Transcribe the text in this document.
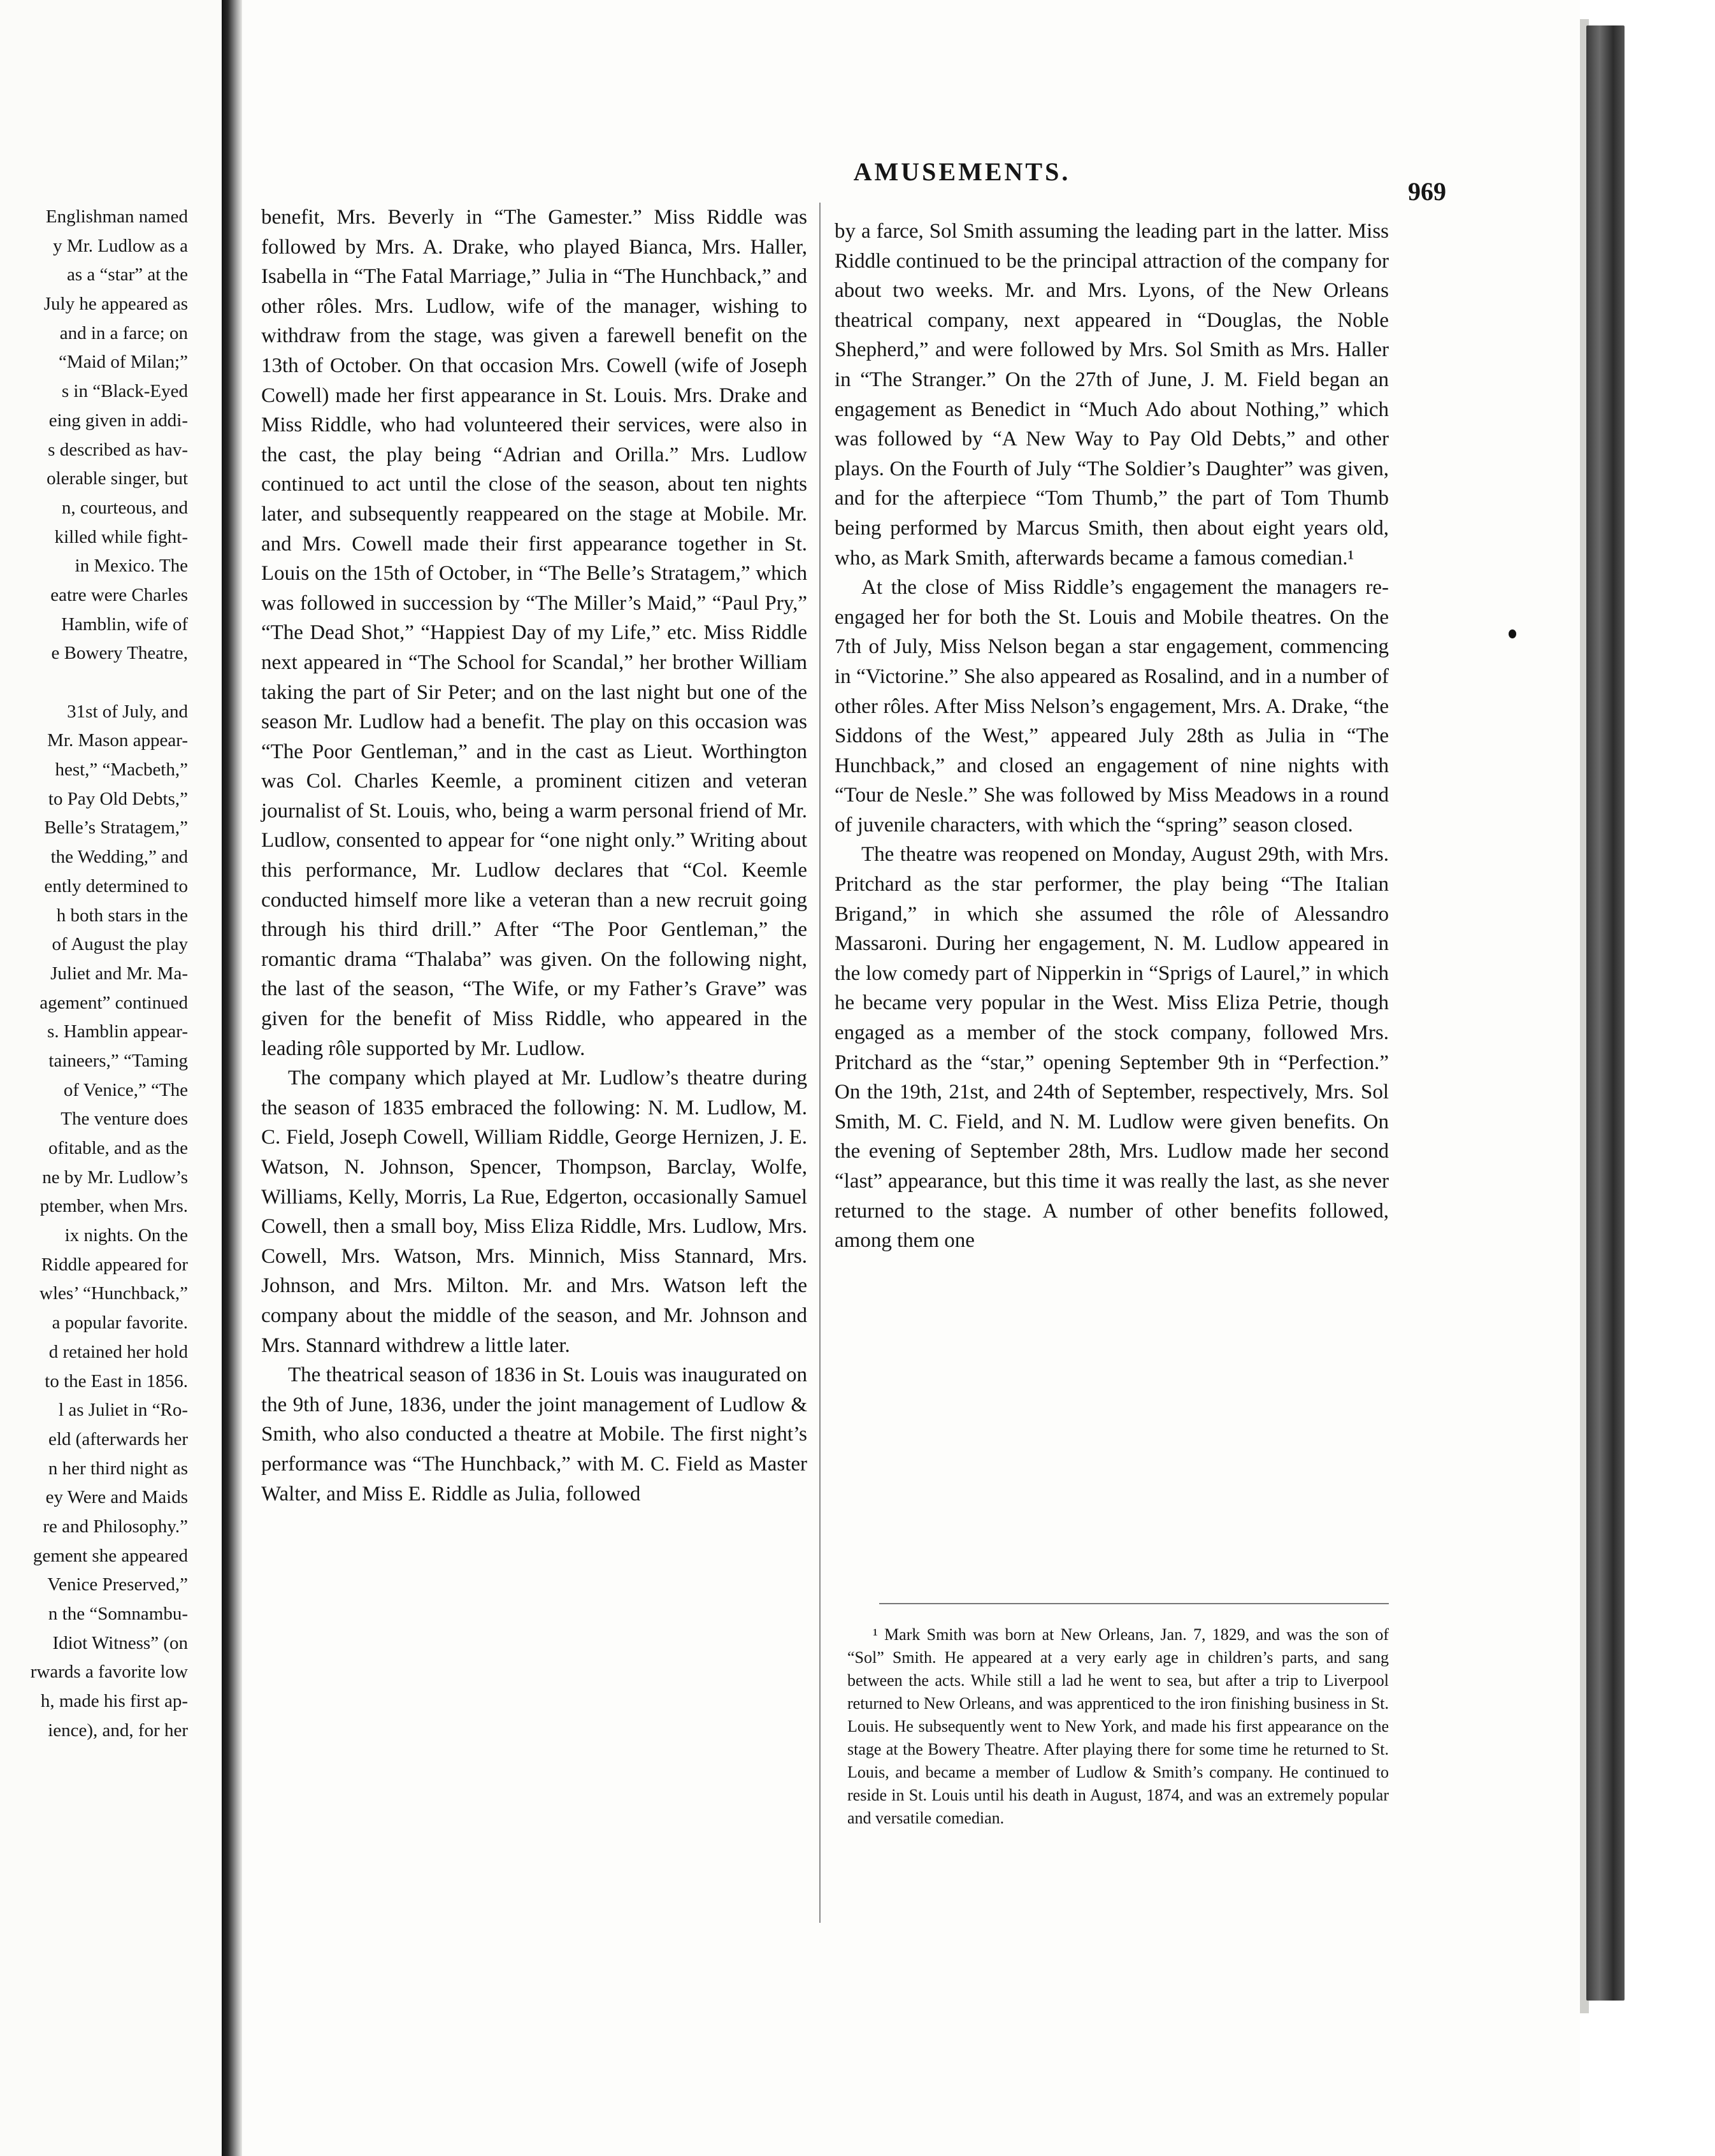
Englishman named
y Mr. Ludlow as a
as a “star” at the
July he appeared as
and in a farce; on
“Maid of Milan;”
s in “Black-Eyed
eing given in addi-
s described as hav-
olerable singer, but
n, courteous, and
killed while fight-
in Mexico. The
eatre were Charles
Hamblin, wife of
e Bowery Theatre,
31st of July, and
Mr. Mason appear-
hest,” “Macbeth,”
to Pay Old Debts,”
Belle’s Stratagem,”
the Wedding,” and
ently determined to
h both stars in the
of August the play
Juliet and Mr. Ma-
agement” continued
s. Hamblin appear-
taineers,” “Taming
of Venice,” “The
The venture does
ofitable, and as the
ne by Mr. Ludlow’s
ptember, when Mrs.
ix nights. On the
Riddle appeared for
wles’ “Hunchback,”
a popular favorite.
d retained her hold
to the East in 1856.
l as Juliet in “Ro-
eld (afterwards her
n her third night as
ey Were and Maids
re and Philosophy.”
gement she appeared
Venice Preserved,”
n the “Somnambu-
Idiot Witness” (on
rwards a favorite low
h, made his first ap-
ience), and, for her
AMUSEMENTS.
969

benefit, Mrs. Beverly in “The Gamester.” Miss Riddle was followed by Mrs. A. Drake, who played Bianca, Mrs. Haller, Isabella in “The Fatal Marriage,” Julia in “The Hunchback,” and other rôles. Mrs. Ludlow, wife of the manager, wishing to withdraw from the stage, was given a farewell benefit on the 13th of October. On that occasion Mrs. Cowell (wife of Joseph Cowell) made her first appearance in St. Louis. Mrs. Drake and Miss Riddle, who had volunteered their services, were also in the cast, the play being “Adrian and Orilla.” Mrs. Ludlow continued to act until the close of the season, about ten nights later, and subsequently reappeared on the stage at Mobile. Mr. and Mrs. Cowell made their first appearance together in St. Louis on the 15th of October, in “The Belle’s Stratagem,” which was followed in succession by “The Miller’s Maid,” “Paul Pry,” “The Dead Shot,” “Happiest Day of my Life,” etc. Miss Riddle next appeared in “The School for Scandal,” her brother William taking the part of Sir Peter; and on the last night but one of the season Mr. Ludlow had a benefit. The play on this occasion was “The Poor Gentleman,” and in the cast as Lieut. Worthington was Col. Charles Keemle, a prominent citizen and veteran journalist of St. Louis, who, being a warm personal friend of Mr. Ludlow, consented to appear for “one night only.” Writing about this performance, Mr. Ludlow declares that “Col. Keemle conducted himself more like a veteran than a new recruit going through his third drill.” After “The Poor Gentleman,” the romantic drama “Thalaba” was given. On the following night, the last of the season, “The Wife, or my Father’s Grave” was given for the benefit of Miss Riddle, who appeared in the leading rôle supported by Mr. Ludlow.

The company which played at Mr. Ludlow’s theatre during the season of 1835 embraced the following: N. M. Ludlow, M. C. Field, Joseph Cowell, William Riddle, George Hernizen, J. E. Watson, N. Johnson, Spencer, Thompson, Barclay, Wolfe, Williams, Kelly, Morris, La Rue, Edgerton, occasionally Samuel Cowell, then a small boy, Miss Eliza Riddle, Mrs. Ludlow, Mrs. Cowell, Mrs. Watson, Mrs. Minnich, Miss Stannard, Mrs. Johnson, and Mrs. Milton. Mr. and Mrs. Watson left the company about the middle of the season, and Mr. Johnson and Mrs. Stannard withdrew a little later.

The theatrical season of 1836 in St. Louis was inaugurated on the 9th of June, 1836, under the joint management of Ludlow & Smith, who also conducted a theatre at Mobile. The first night’s performance was “The Hunchback,” with M. C. Field as Master Walter, and Miss E. Riddle as Julia, followed

by a farce, Sol Smith assuming the leading part in the latter. Miss Riddle continued to be the principal attraction of the company for about two weeks. Mr. and Mrs. Lyons, of the New Orleans theatrical company, next appeared in “Douglas, the Noble Shepherd,” and were followed by Mrs. Sol Smith as Mrs. Haller in “The Stranger.” On the 27th of June, J. M. Field began an engagement as Benedict in “Much Ado about Nothing,” which was followed by “A New Way to Pay Old Debts,” and other plays. On the Fourth of July “The Soldier’s Daughter” was given, and for the afterpiece “Tom Thumb,” the part of Tom Thumb being performed by Marcus Smith, then about eight years old, who, as Mark Smith, afterwards became a famous comedian.¹

At the close of Miss Riddle’s engagement the managers re-engaged her for both the St. Louis and Mobile theatres. On the 7th of July, Miss Nelson began a star engagement, commencing in “Victorine.” She also appeared as Rosalind, and in a number of other rôles. After Miss Nelson’s engagement, Mrs. A. Drake, “the Siddons of the West,” appeared July 28th as Julia in “The Hunchback,” and closed an engagement of nine nights with “Tour de Nesle.” She was followed by Miss Meadows in a round of juvenile characters, with which the “spring” season closed.

The theatre was reopened on Monday, August 29th, with Mrs. Pritchard as the star performer, the play being “The Italian Brigand,” in which she assumed the rôle of Alessandro Massaroni. During her engagement, N. M. Ludlow appeared in the low comedy part of Nipperkin in “Sprigs of Laurel,” in which he became very popular in the West. Miss Eliza Petrie, though engaged as a member of the stock company, followed Mrs. Pritchard as the “star,” opening September 9th in “Perfection.” On the 19th, 21st, and 24th of September, respectively, Mrs. Sol Smith, M. C. Field, and N. M. Ludlow were given benefits. On the evening of September 28th, Mrs. Ludlow made her second “last” appearance, but this time it was really the last, as she never returned to the stage. A number of other benefits followed, among them one

¹ Mark Smith was born at New Orleans, Jan. 7, 1829, and was the son of “Sol” Smith. He appeared at a very early age in children’s parts, and sang between the acts. While still a lad he went to sea, but after a trip to Liverpool returned to New Orleans, and was apprenticed to the iron finishing business in St. Louis. He subsequently went to New York, and made his first appearance on the stage at the Bowery Theatre. After playing there for some time he returned to St. Louis, and became a member of Ludlow & Smith’s company. He continued to reside in St. Louis until his death in August, 1874, and was an extremely popular and versatile comedian.
